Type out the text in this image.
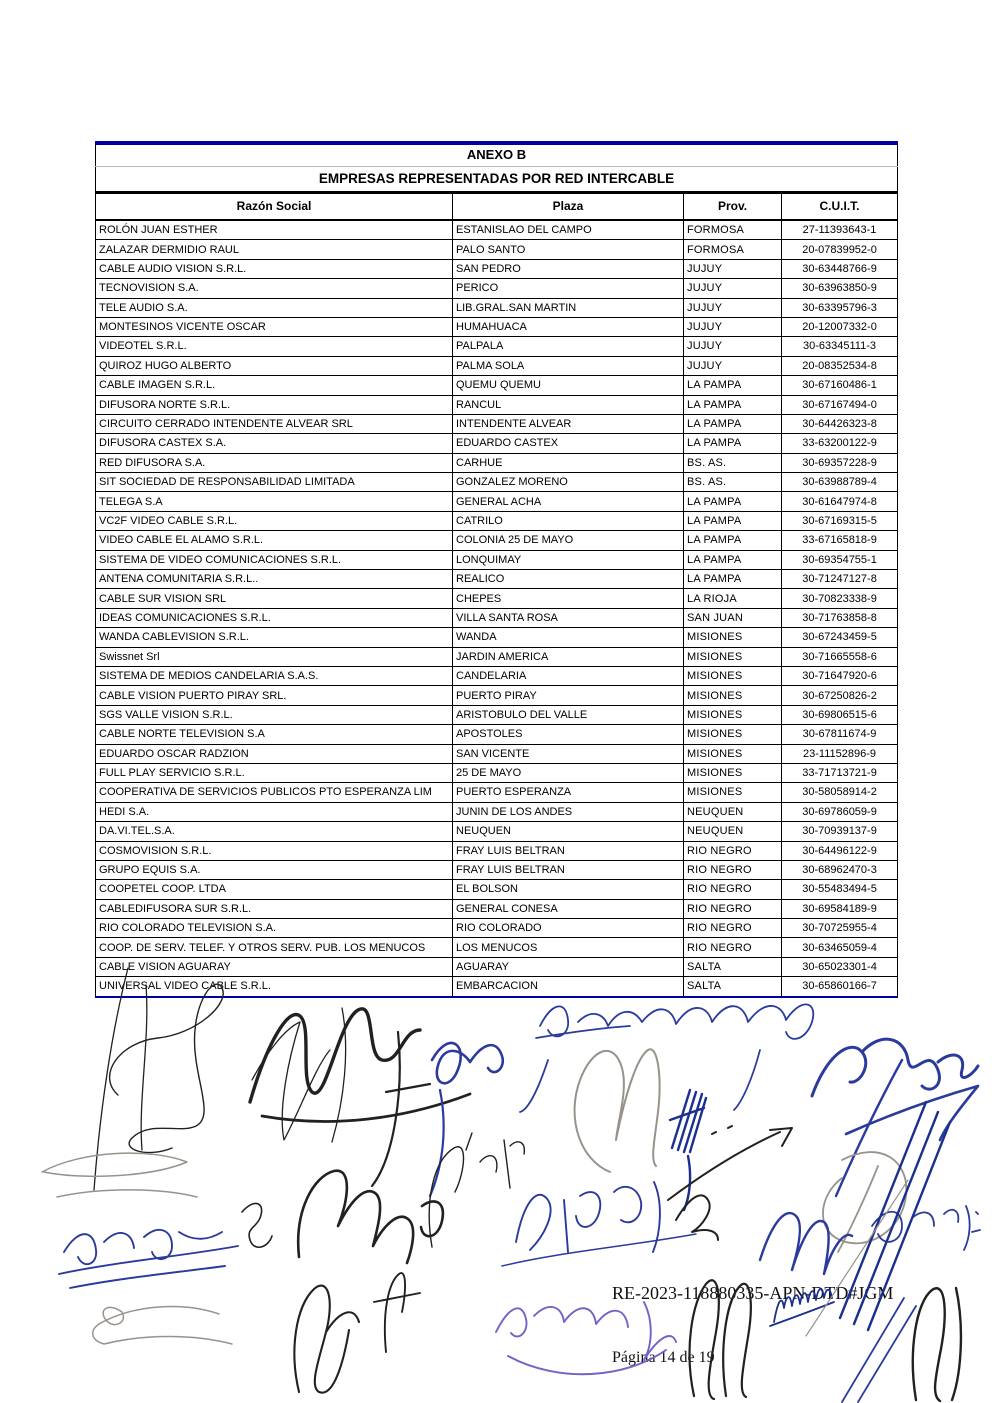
ANEXO B			
EMPRESAS REPRESENTADAS POR RED INTERCABLE			
Razón Social	Plaza	Prov.	C.U.I.T.
ROLÓN JUAN ESTHER	ESTANISLAO DEL CAMPO	FORMOSA	27-11393643-1
ZALAZAR DERMIDIO RAUL	PALO SANTO	FORMOSA	20-07839952-0
CABLE AUDIO VISION S.R.L.	SAN PEDRO	JUJUY	30-63448766-9
TECNOVISION S.A.	PERICO	JUJUY	30-63963850-9
TELE AUDIO S.A.	LIB.GRAL.SAN MARTIN	JUJUY	30-63395796-3
MONTESINOS VICENTE OSCAR	HUMAHUACA	JUJUY	20-12007332-0
VIDEOTEL S.R.L.	PALPALA	JUJUY	30-63345111-3
QUIROZ HUGO ALBERTO	PALMA SOLA	JUJUY	20-08352534-8
CABLE IMAGEN S.R.L.	QUEMU QUEMU	LA PAMPA	30-67160486-1
DIFUSORA NORTE S.R.L.	RANCUL	LA PAMPA	30-67167494-0
CIRCUITO CERRADO INTENDENTE ALVEAR SRL	INTENDENTE ALVEAR	LA PAMPA	30-64426323-8
DIFUSORA CASTEX S.A.	EDUARDO CASTEX	LA PAMPA	33-63200122-9
RED DIFUSORA S.A.	CARHUE	BS. AS.	30-69357228-9
SIT SOCIEDAD DE RESPONSABILIDAD LIMITADA	GONZALEZ MORENO	BS. AS.	30-63988789-4
TELEGA S.A	GENERAL ACHA	LA PAMPA	30-61647974-8
VC2F VIDEO CABLE S.R.L.	CATRILO	LA PAMPA	30-67169315-5
VIDEO CABLE EL ALAMO S.R.L.	COLONIA 25 DE MAYO	LA PAMPA	33-67165818-9
SISTEMA DE VIDEO COMUNICACIONES S.R.L.	LONQUIMAY	LA PAMPA	30-69354755-1
ANTENA COMUNITARIA S.R.L..	REALICO	LA PAMPA	30-71247127-8
CABLE SUR VISION SRL	CHEPES	LA RIOJA	30-70823338-9
IDEAS COMUNICACIONES S.R.L.	VILLA SANTA ROSA	SAN JUAN	30-71763858-8
WANDA CABLEVISION S.R.L.	WANDA	MISIONES	30-67243459-5
Swissnet Srl	JARDIN AMERICA	MISIONES	30-71665558-6
SISTEMA DE MEDIOS CANDELARIA S.A.S.	CANDELARIA	MISIONES	30-71647920-6
CABLE VISION PUERTO PIRAY SRL.	PUERTO PIRAY	MISIONES	30-67250826-2
SGS VALLE VISION S.R.L.	ARISTOBULO DEL VALLE	MISIONES	30-69806515-6
CABLE NORTE TELEVISION S.A	APOSTOLES	MISIONES	30-67811674-9
EDUARDO OSCAR RADZION	SAN VICENTE	MISIONES	23-11152896-9
FULL PLAY SERVICIO S.R.L.	25 DE MAYO	MISIONES	33-71713721-9
COOPERATIVA DE SERVICIOS PUBLICOS PTO ESPERANZA LIM	PUERTO ESPERANZA	MISIONES	30-58058914-2
HEDI S.A.	JUNIN DE LOS ANDES	NEUQUEN	30-69786059-9
DA.VI.TEL.S.A.	NEUQUEN	NEUQUEN	30-70939137-9
COSMOVISION S.R.L.	FRAY LUIS BELTRAN	RIO NEGRO	30-64496122-9
GRUPO EQUIS S.A.	FRAY LUIS BELTRAN	RIO NEGRO	30-68962470-3
COOPETEL COOP. LTDA	EL BOLSON	RIO NEGRO	30-55483494-5
CABLEDIFUSORA SUR S.R.L.	GENERAL CONESA	RIO NEGRO	30-69584189-9
RIO COLORADO TELEVISION S.A.	RIO COLORADO	RIO NEGRO	30-70725955-4
COOP. DE SERV. TELEF. Y OTROS SERV. PUB. LOS MENUCOS	LOS MENUCOS	RIO NEGRO	30-63465059-4
CABLE VISION AGUARAY	AGUARAY	SALTA	30-65023301-4
UNIVERSAL VIDEO CABLE S.R.L.	EMBARCACION	SALTA	30-65860166-7
RE-2023-118880335-APN-DTD#JGM
Página 14 de 19
